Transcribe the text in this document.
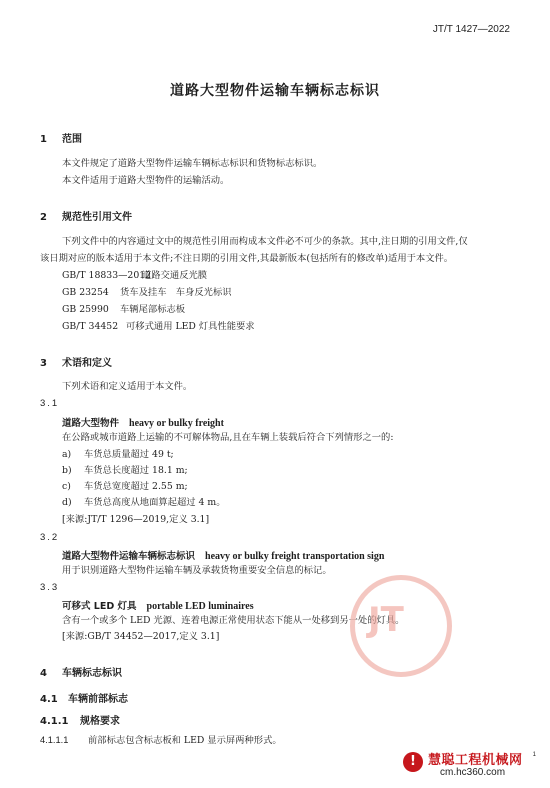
JT/T 1427—2022
道路大型物件运输车辆标志标识
1 范围
本文件规定了道路大型物件运输车辆标志标识和货物标志标识。
本文件适用于道路大型物件的运输活动。
2 规范性引用文件
下列文件中的内容通过文中的规范性引用而构成本文件必不可少的条款。其中,注日期的引用文件,仅
该日期对应的版本适用于本文件;不注日期的引用文件,其最新版本(包括所有的修改单)适用于本文件。
GB/T 18833—2012道路交通反光膜
GB 23254 货车及挂车　车身反光标识
GB 25990 车辆尾部标志板
GB/T 34452 可移式通用 LED 灯具性能要求
3 术语和定义
下列术语和定义适用于本文件。
3.1
道路大型物件 heavy or bulky freight
在公路或城市道路上运输的不可解体物品,且在车辆上装载后符合下列情形之一的:
a) 车货总质量超过 49 t;
b) 车货总长度超过 18.1 m;
c) 车货总宽度超过 2.55 m;
d) 车货总高度从地面算起超过 4 m。
[来源:JT/T 1296—2019,定义 3.1]
3.2
道路大型物件运输车辆标志标识 heavy or bulky freight transportation sign
用于识别道路大型物件运输车辆及承载货物重要安全信息的标记。
3.3
可移式 LED 灯具 portable LED luminaires
含有一个或多个 LED 光源、连着电源正常使用状态下能从一处移到另一处的灯具。
[来源:GB/T 34452—2017,定义 3.1]
4 车辆标志标识
4.1 车辆前部标志
4.1.1 规格要求
4.1.1.1 前部标志包含标志板和 LED 显示屏两种形式。
JT
1
! 慧聪工程机械网
cm.hc360.com
